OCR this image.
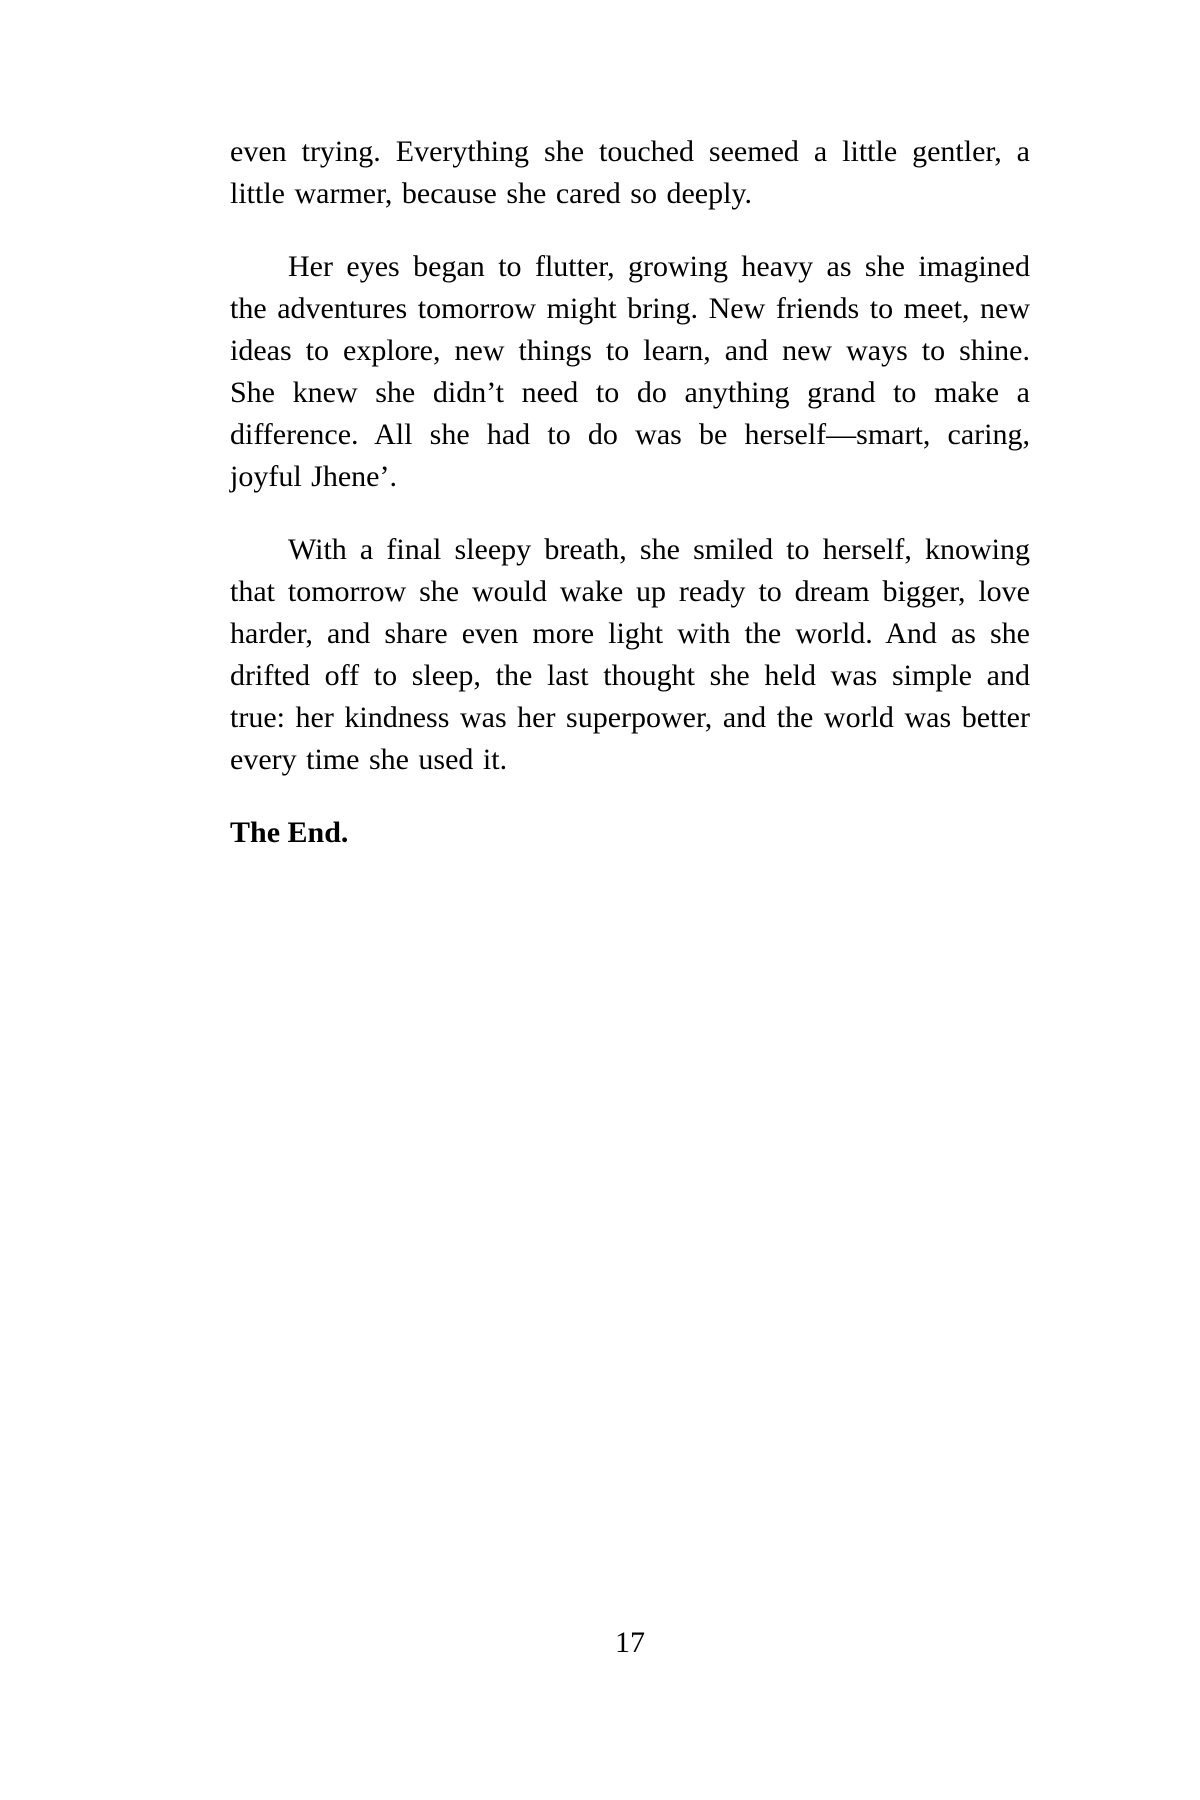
even trying. Everything she touched seemed a little gentler, a little warmer, because she cared so deeply.

Her eyes began to flutter, growing heavy as she imagined the adventures tomorrow might bring. New friends to meet, new ideas to explore, new things to learn, and new ways to shine. She knew she didn’t need to do anything grand to make a difference. All she had to do was be herself—smart, caring, joyful Jhene’.

With a final sleepy breath, she smiled to herself, knowing that tomorrow she would wake up ready to dream bigger, love harder, and share even more light with the world. And as she drifted off to sleep, the last thought she held was simple and true: her kindness was her superpower, and the world was better every time she used it.

The End.

17
